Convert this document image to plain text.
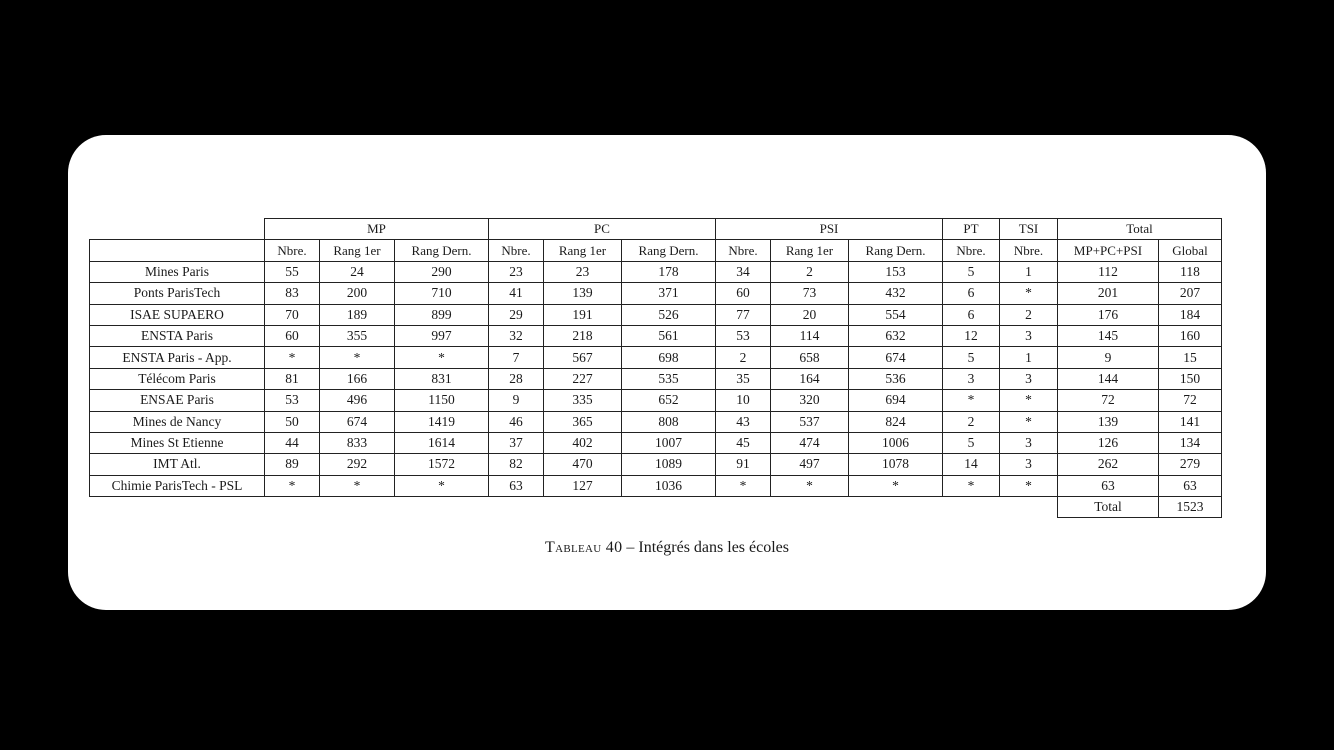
	MP			PC			PSI			PT	TSI	Total	
	Nbre.	Rang 1er	Rang Dern.	Nbre.	Rang 1er	Rang Dern.	Nbre.	Rang 1er	Rang Dern.	Nbre.	Nbre.	MP+PC+PSI	Global
Mines Paris	55	24	290	23	23	178	34	2	153	5	1	112	118
Ponts ParisTech	83	200	710	41	139	371	60	73	432	6	*	201	207
ISAE SUPAERO	70	189	899	29	191	526	77	20	554	6	2	176	184
ENSTA Paris	60	355	997	32	218	561	53	114	632	12	3	145	160
ENSTA Paris - App.	*	*	*	7	567	698	2	658	674	5	1	9	15
Télécom Paris	81	166	831	28	227	535	35	164	536	3	3	144	150
ENSAE Paris	53	496	1150	9	335	652	10	320	694	*	*	72	72
Mines de Nancy	50	674	1419	46	365	808	43	537	824	2	*	139	141
Mines St Etienne	44	833	1614	37	402	1007	45	474	1006	5	3	126	134
IMT Atl.	89	292	1572	82	470	1089	91	497	1078	14	3	262	279
Chimie ParisTech - PSL	*	*	*	63	127	1036	*	*	*	*	*	63	63
												Total	1523
Tableau 40 – Intégrés dans les écoles
